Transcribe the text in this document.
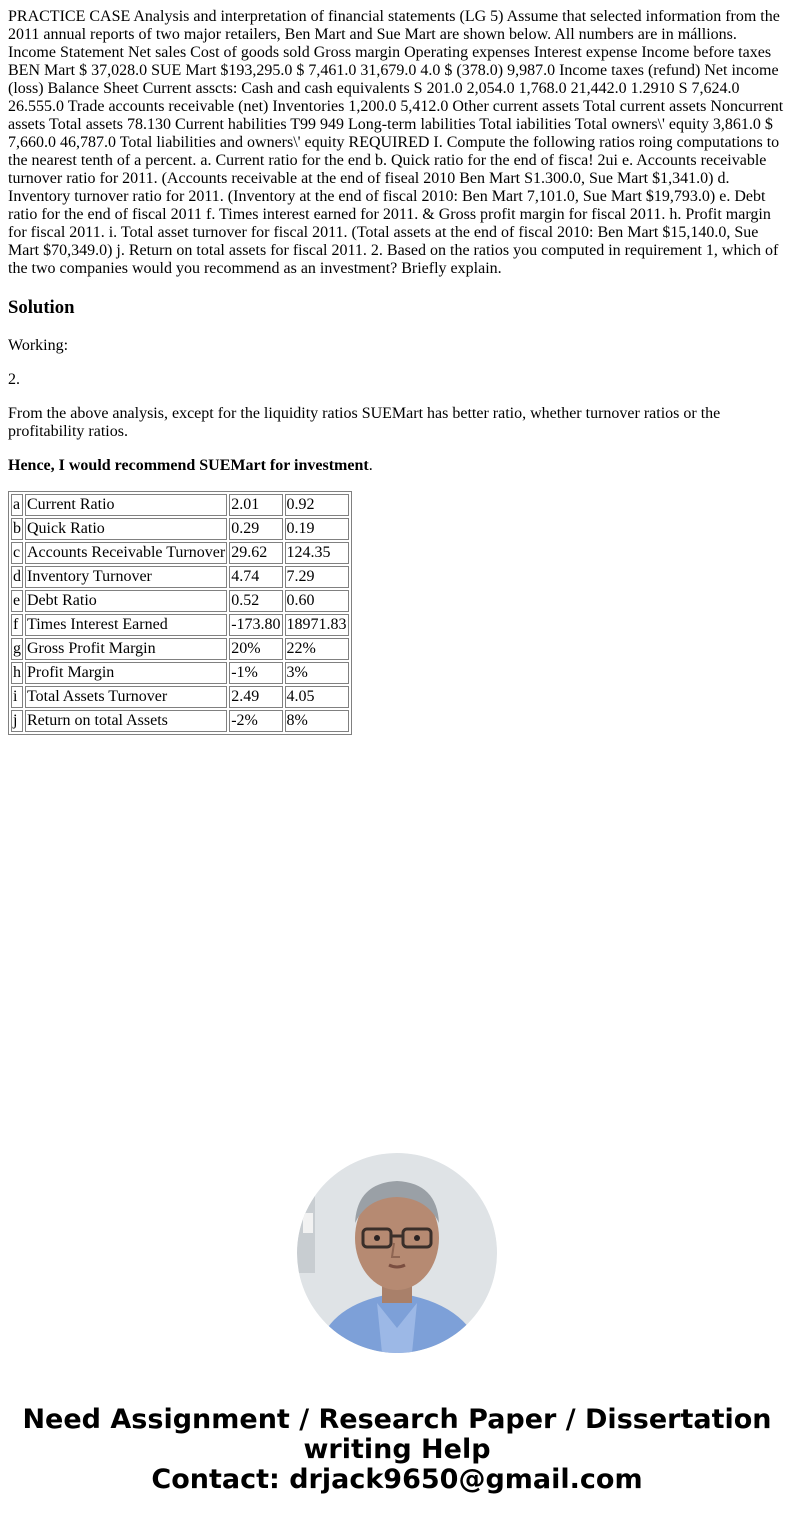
PRACTICE CASE Analysis and interpretation of financial statements (LG 5) Assume that selected information from the 2011 annual reports of two major retailers, Ben Mart and Sue Mart are shown below. All numbers are in mállions. Income Statement Net sales Cost of goods sold Gross margin Operating expenses Interest expense Income before taxes BEN Mart $ 37,028.0 SUE Mart $193,295.0 $ 7,461.0 31,679.0 4.0 $ (378.0) 9,987.0 Income taxes (refund) Net income (loss) Balance Sheet Current asscts: Cash and cash equivalents S 201.0 2,054.0 1,768.0 21,442.0 1.2910 S 7,624.0 26.555.0 Trade accounts receivable (net) Inventories 1,200.0 5,412.0 Other current assets Total current assets Noncurrent assets Total assets 78.130 Current habilities T99 949 Long-term labilities Total iabilities Total owners\' equity 3,861.0 $ 7,660.0 46,787.0 Total liabilities and owners\' equity REQUIRED I. Compute the following ratios roing computations to the nearest tenth of a percent. a. Current ratio for the end b. Quick ratio for the end of fisca! 2ui e. Accounts receivable turnover ratio for 2011. (Accounts receivable at the end of fiseal 2010 Ben Mart S1.300.0, Sue Mart $1,341.0) d. Inventory turnover ratio for 2011. (Inventory at the end of fiscal 2010: Ben Mart 7,101.0, Sue Mart $19,793.0) e. Debt ratio for the end of fiscal 2011 f. Times interest earned for 2011. & Gross profit margin for fiscal 2011. h. Profit margin for fiscal 2011. i. Total asset turnover for fiscal 2011. (Total assets at the end of fiscal 2010: Ben Mart $15,140.0, Sue Mart $70,349.0) j. Return on total assets for fiscal 2011. 2. Based on the ratios you computed in requirement 1, which of the two companies would you recommend as an investment? Briefly explain.

Solution

Working:

2.

From the above analysis, except for the liquidity ratios SUEMart has better ratio, whether turnover ratios or the profitability ratios.

Hence, I would recommend SUEMart for investment.

a	Current Ratio	2.01	0.92
b	Quick Ratio	0.29	0.19
c	Accounts Receivable Turnover	29.62	124.35
d	Inventory Turnover	4.74	7.29
e	Debt Ratio	0.52	0.60
f	Times Interest Earned	-173.80	18971.83
g	Gross Profit Margin	20%	22%
h	Profit Margin	-1%	3%
i	Total Assets Turnover	2.49	4.05
j	Return on total Assets	-2%	8%
Need Assignment / Research Paper / Dissertation
writing Help
Contact: drjack9650@gmail.com
